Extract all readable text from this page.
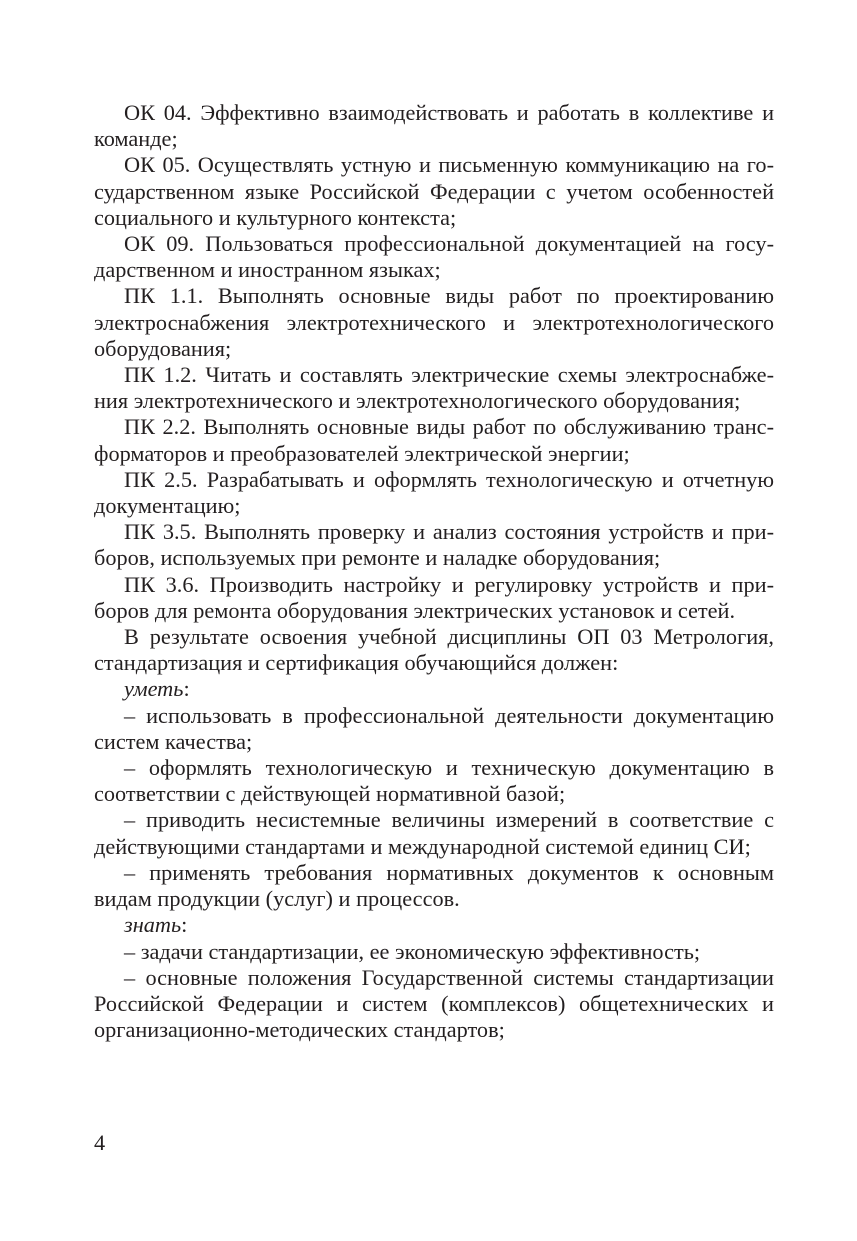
ОК 04. Эффективно взаимодействовать и работать в коллективе и команде;

ОК 05. Осуществлять устную и письменную коммуникацию на государственном языке Российской Федерации с учетом особенностей социального и культурного контекста;

ОК 09. Пользоваться профессиональной документацией на государственном и иностранном языках;

ПК 1.1. Выполнять основные виды работ по проектированию электроснабжения электротехнического и электротехнологического оборудования;

ПК 1.2. Читать и составлять электрические схемы электроснабжения электротехнического и электротехнологического оборудования;

ПК 2.2. Выполнять основные виды работ по обслуживанию трансформаторов и преобразователей электрической энергии;

ПК 2.5. Разрабатывать и оформлять технологическую и отчетную документацию;

ПК 3.5. Выполнять проверку и анализ состояния устройств и приборов, используемых при ремонте и наладке оборудования;

ПК 3.6. Производить настройку и регулировку устройств и приборов для ремонта оборудования электрических установок и сетей.

В результате освоения учебной дисциплины ОП 03 Метрология, стандартизация и сертификация обучающийся должен:

уметь:

– использовать в профессиональной деятельности документацию систем качества;

– оформлять технологическую и техническую документацию в соответствии с действующей нормативной базой;

– приводить несистемные величины измерений в соответствие с действующими стандартами и международной системой единиц СИ;

– применять требования нормативных документов к основным видам продукции (услуг) и процессов.

знать:

– задачи стандартизации, ее экономическую эффективность;

– основные положения Государственной системы стандартизации Российской Федерации и систем (комплексов) общетехнических и организационно-методических стандартов;

4
